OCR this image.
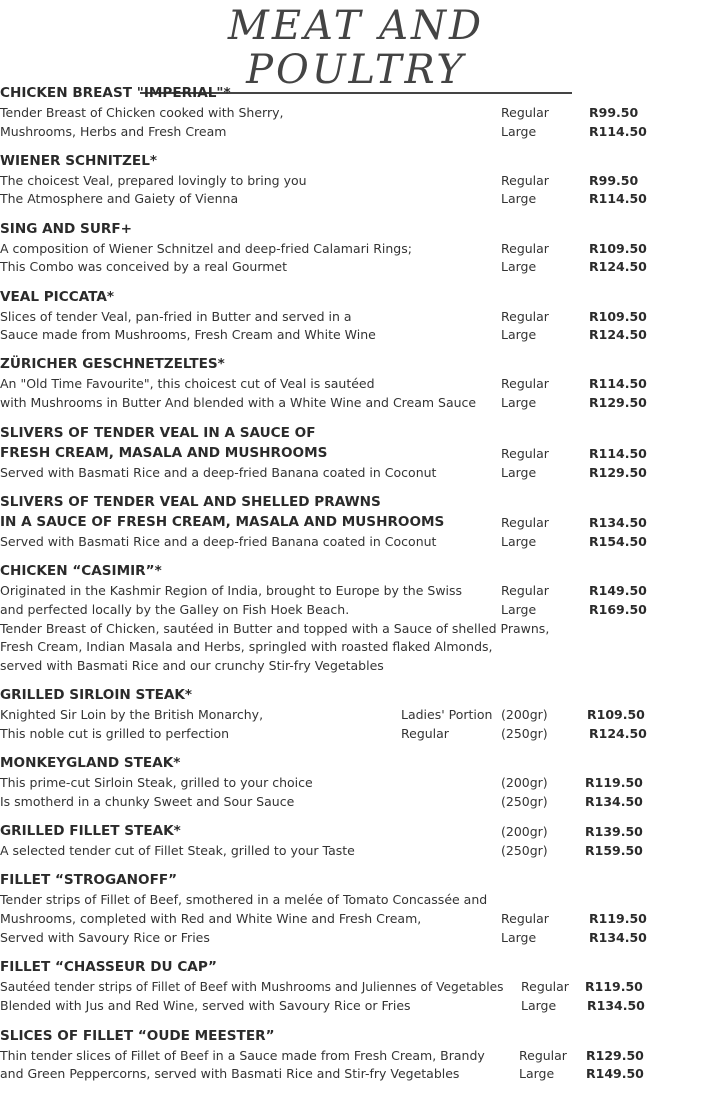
MEAT AND POULTRY
CHICKEN BREAST "IMPERIAL"*
Tender Breast of Chicken cooked with Sherry,
Mushrooms, Herbs and Fresh Cream
Regular
Large
R99.50
R114.50
WIENER SCHNITZEL*
The choicest Veal, prepared lovingly to bring you
The Atmosphere and Gaiety of Vienna
Regular
Large
R99.50
R114.50
SING AND SURF+
A composition of Wiener Schnitzel and deep-fried Calamari Rings;
This Combo was conceived by a real Gourmet
Regular
Large
R109.50
R124.50
VEAL PICCATA*
Slices of tender Veal, pan-fried in Butter and served in a
Sauce made from Mushrooms, Fresh Cream and White Wine
Regular
Large
R109.50
R124.50
ZÜRICHER GESCHNETZELTES*
An "Old Time Favourite", this choicest cut of Veal is sautéed
with Mushrooms in Butter And blended with a White Wine and Cream Sauce
Regular
Large
R114.50
R129.50
SLIVERS OF TENDER VEAL IN A SAUCE OF
FRESH CREAM, MASALA AND MUSHROOMS
Served with Basmati Rice and a deep-fried Banana coated in Coconut
Regular
Large
R114.50
R129.50
SLIVERS OF TENDER VEAL AND SHELLED PRAWNS
IN A SAUCE OF FRESH CREAM, MASALA AND MUSHROOMS
Served with Basmati Rice and a deep-fried Banana coated in Coconut
Regular
Large
R134.50
R154.50
CHICKEN “CASIMIR”*
Originated in the Kashmir Region of India, brought to Europe by the Swiss
and perfected locally by the Galley on Fish Hoek Beach.
Tender Breast of Chicken, sautéed in Butter and topped with a Sauce of shelled Prawns,
Fresh Cream, Indian Masala and Herbs, springled with roasted flaked Almonds,
served with Basmati Rice and our crunchy Stir-fry Vegetables
Regular
Large
R149.50
R169.50
GRILLED SIRLOIN STEAK*
Knighted Sir Loin by the British Monarchy,
This noble cut is grilled to perfection
Ladies' Portion
Regular
(200gr)
(250gr)
R109.50
R124.50
MONKEYGLAND STEAK*
This prime-cut Sirloin Steak, grilled to your choice
Is smotherd in a chunky Sweet and Sour Sauce
(200gr)
(250gr)
R119.50
R134.50
GRILLED FILLET STEAK*
A selected tender cut of Fillet Steak, grilled to your Taste
(200gr)
(250gr)
R139.50
R159.50
FILLET “STROGANOFF”
Tender strips of Fillet of Beef, smothered in a melée of Tomato Concassée and
Mushrooms, completed with Red and White Wine and Fresh Cream,
Served with Savoury Rice or Fries
Regular
Large
R119.50
R134.50
FILLET “CHASSEUR DU CAP”
Sautéed tender strips of Fillet of Beef with Mushrooms and Juliennes of Vegetables
Blended with Jus and Red Wine, served with Savoury Rice or Fries
Regular
Large
R119.50
R134.50
SLICES OF FILLET “OUDE MEESTER”
Thin tender slices of Fillet of Beef in a Sauce made from Fresh Cream, Brandy
and Green Peppercorns, served with Basmati Rice and Stir-fry Vegetables
Regular
Large
R129.50
R149.50
